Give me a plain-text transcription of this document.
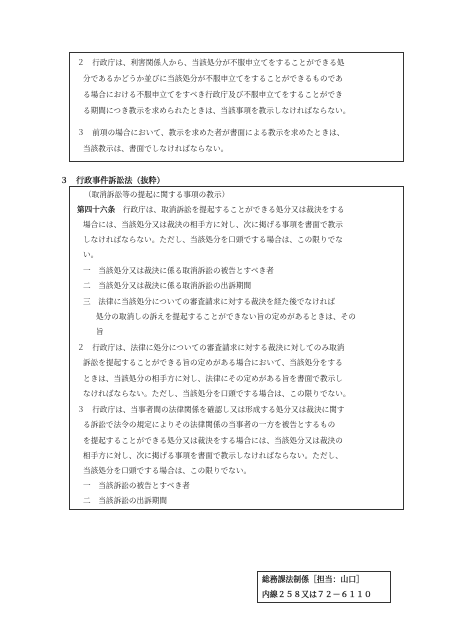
２　行政庁は、利害関係人から、当該処分が不服申立てをすることができる処
分であるかどうか並びに当該処分が不服申立てをすることができるものであ
る場合における不服申立てをすべき行政庁及び不服申立てをすることができ
る期間につき教示を求められたときは、当該事項を教示しなければならない。
３　前項の場合において、教示を求めた者が書面による教示を求めたときは、
当該教示は、書面でしなければならない。
３　行政事件訴訟法（抜粋）
（取消訴訟等の提起に関する事項の教示）
第四十六条　行政庁は、取消訴訟を提起することができる処分又は裁決をする
場合には、当該処分又は裁決の相手方に対し、次に掲げる事項を書面で教示
しなければならない。ただし、当該処分を口頭でする場合は、この限りでな
い。
一　当該処分又は裁決に係る取消訴訟の被告とすべき者
二　当該処分又は裁決に係る取消訴訟の出訴期間
三　法律に当該処分についての審査請求に対する裁決を経た後でなければ
処分の取消しの訴えを提起することができない旨の定めがあるときは、その
旨
２　行政庁は、法律に処分についての審査請求に対する裁決に対してのみ取消
訴訟を提起することができる旨の定めがある場合において、当該処分をする
ときは、当該処分の相手方に対し、法律にその定めがある旨を書面で教示し
なければならない。ただし、当該処分を口頭でする場合は、この限りでない。
３　行政庁は、当事者間の法律関係を確認し又は形成する処分又は裁決に関す
る訴訟で法令の規定によりその法律関係の当事者の一方を被告とするもの
を提起することができる処分又は裁決をする場合には、当該処分又は裁決の
相手方に対し、次に掲げる事項を書面で教示しなければならない。ただし、
当該処分を口頭でする場合は、この限りでない。
一　当該訴訟の被告とすべき者
二　当該訴訟の出訴期間
総務課法制係［担当：山口］
内線２５８又は７２－６１１０
